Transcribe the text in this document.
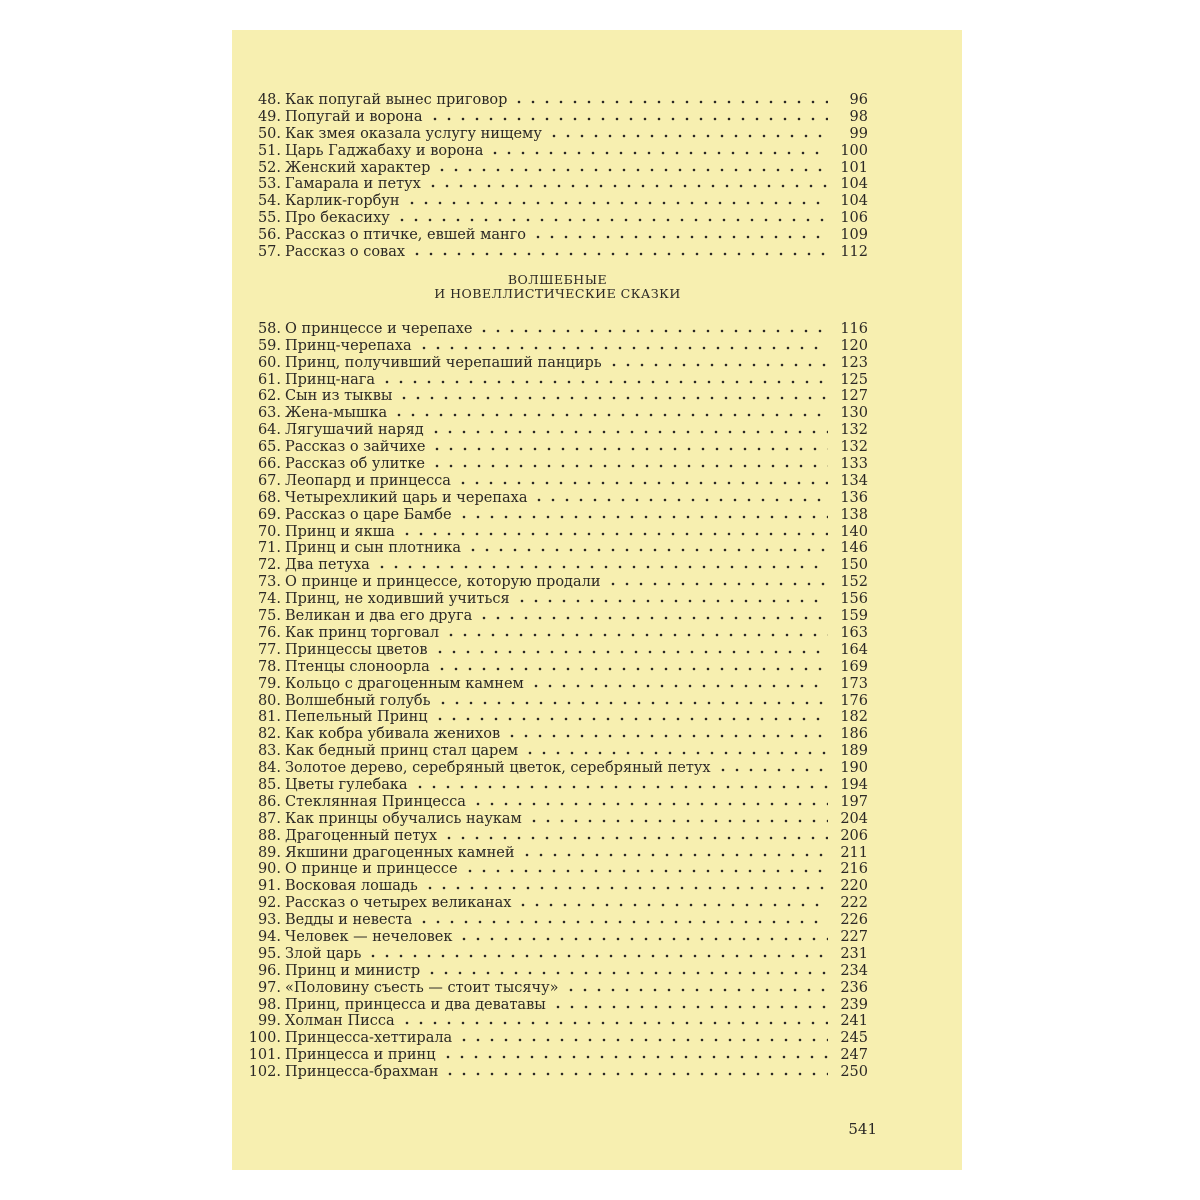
48. Как попугай вынес приговор	96
49. Попугай и ворона	98
50. Как змея оказала услугу нищему	99
51. Царь Гаджабаху и ворона	100
52. Женский характер	101
53. Гамарала и петух	104
54. Карлик-горбун	104
55. Про бекасиху	106
56. Рассказ о птичке, евшей манго	109
57. Рассказ о совах	112
ВОЛШЕБНЫЕ
И НОВЕЛЛИСТИЧЕСКИЕ СКАЗКИ
58. О принцессе и черепахе	116
59. Принц-черепаха	120
60. Принц, получивший черепаший панцирь	123
61. Принц-нага	125
62. Сын из тыквы	127
63. Жена-мышка	130
64. Лягушачий наряд	132
65. Рассказ о зайчихе	132
66. Рассказ об улитке	133
67. Леопард и принцесса	134
68. Четырехликий царь и черепаха	136
69. Рассказ о царе Бамбе	138
70. Принц и якша	140
71. Принц и сын плотника	146
72. Два петуха	150
73. О принце и принцессе, которую продали	152
74. Принц, не ходивший учиться	156
75. Великан и два его друга	159
76. Как принц торговал	163
77. Принцессы цветов	164
78. Птенцы слоноорла	169
79. Кольцо с драгоценным камнем	173
80. Волшебный голубь	176
81. Пепельный Принц	182
82. Как кобра убивала женихов	186
83. Как бедный принц стал царем	189
84. Золотое дерево, серебряный цветок, серебряный петух	190
85. Цветы гулебака	194
86. Стеклянная Принцесса	197
87. Как принцы обучались наукам	204
88. Драгоценный петух	206
89. Якшини драгоценных камней	211
90. О принце и принцессе	216
91. Восковая лошадь	220
92. Рассказ о четырех великанах	222
93. Ведды и невеста	226
94. Человек — нечеловек	227
95. Злой царь	231
96. Принц и министр	234
97. «Половину съесть — стоит тысячу»	236
98. Принц, принцесса и два деватавы	239
99. Холман Писса	241
100. Принцесса-хеттирала	245
101. Принцесса и принц	247
102. Принцесса-брахман	250
541
